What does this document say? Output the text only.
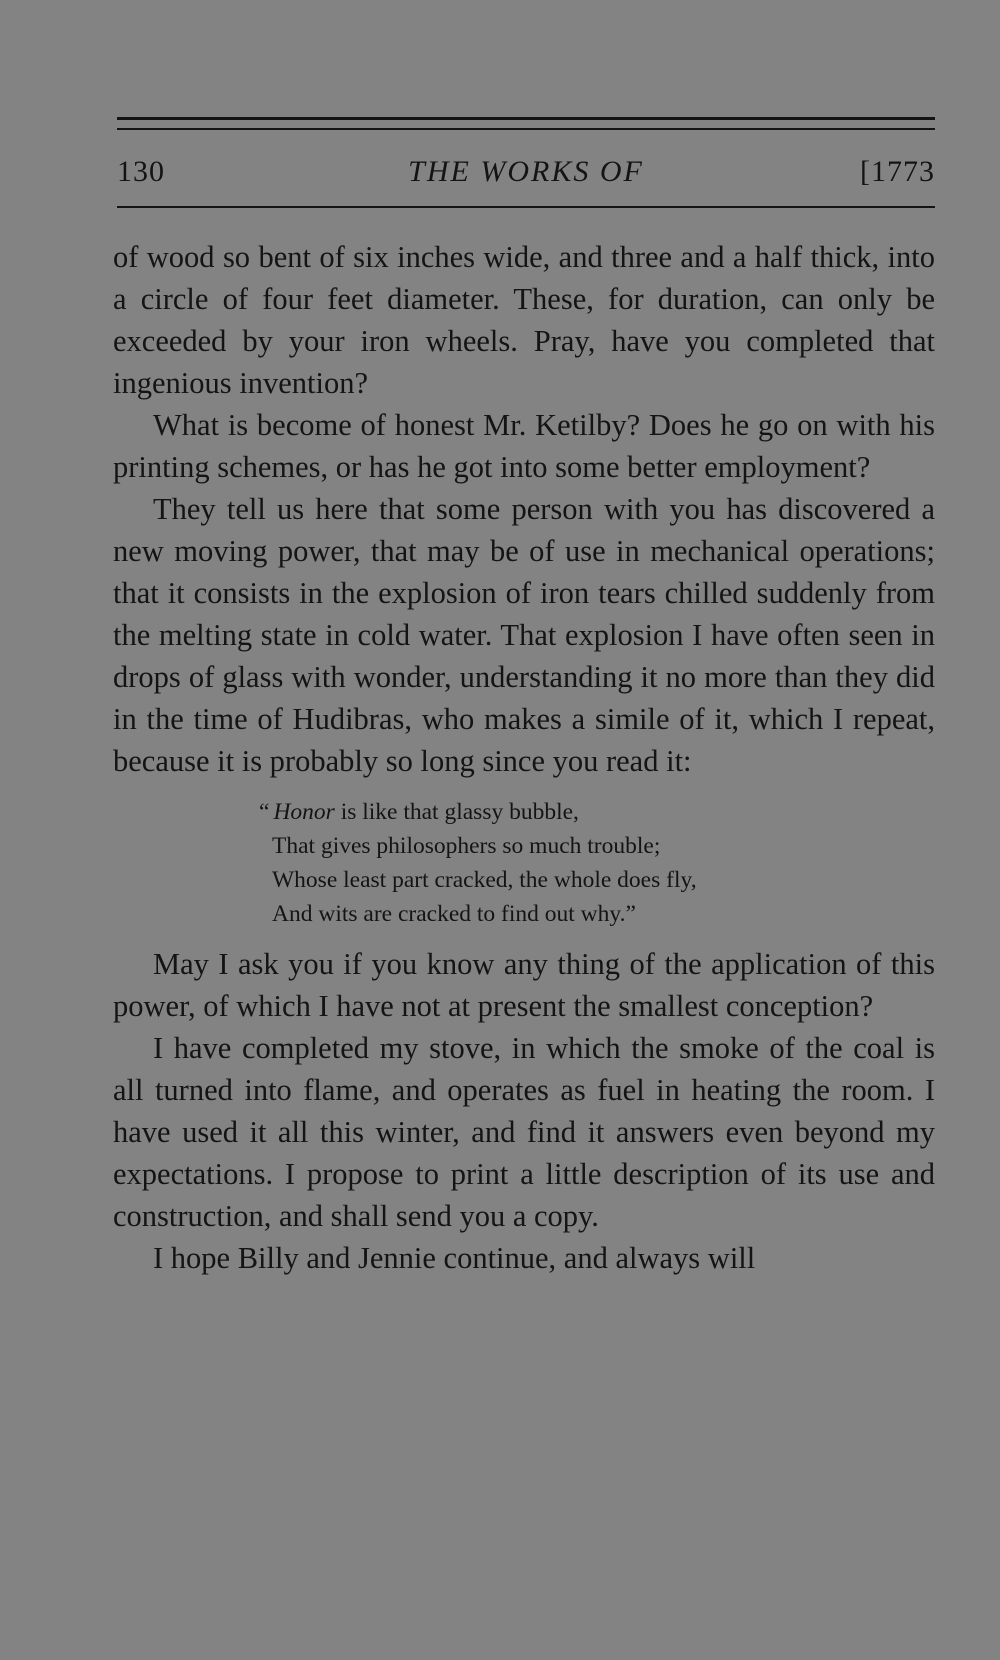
130	THE WORKS OF	[1773

of wood so bent of six inches wide, and three and a half thick, into a circle of four feet diameter. These, for duration, can only be exceeded by your iron wheels. Pray, have you completed that ingenious invention?

What is become of honest Mr. Ketilby? Does he go on with his printing schemes, or has he got into some better employment?

They tell us here that some person with you has discovered a new moving power, that may be of use in mechanical operations; that it consists in the explosion of iron tears chilled suddenly from the melting state in cold water. That explosion I have often seen in drops of glass with wonder, understanding it no more than they did in the time of Hudibras, who makes a simile of it, which I repeat, because it is probably so long since you read it:

“ Honor is like that glassy bubble,
That gives philosophers so much trouble;
Whose least part cracked, the whole does fly,
And wits are cracked to find out why.”

May I ask you if you know any thing of the application of this power, of which I have not at present the smallest conception?

I have completed my stove, in which the smoke of the coal is all turned into flame, and operates as fuel in heating the room. I have used it all this winter, and find it answers even beyond my expectations. I propose to print a little description of its use and construction, and shall send you a copy.

I hope Billy and Jennie continue, and always will
